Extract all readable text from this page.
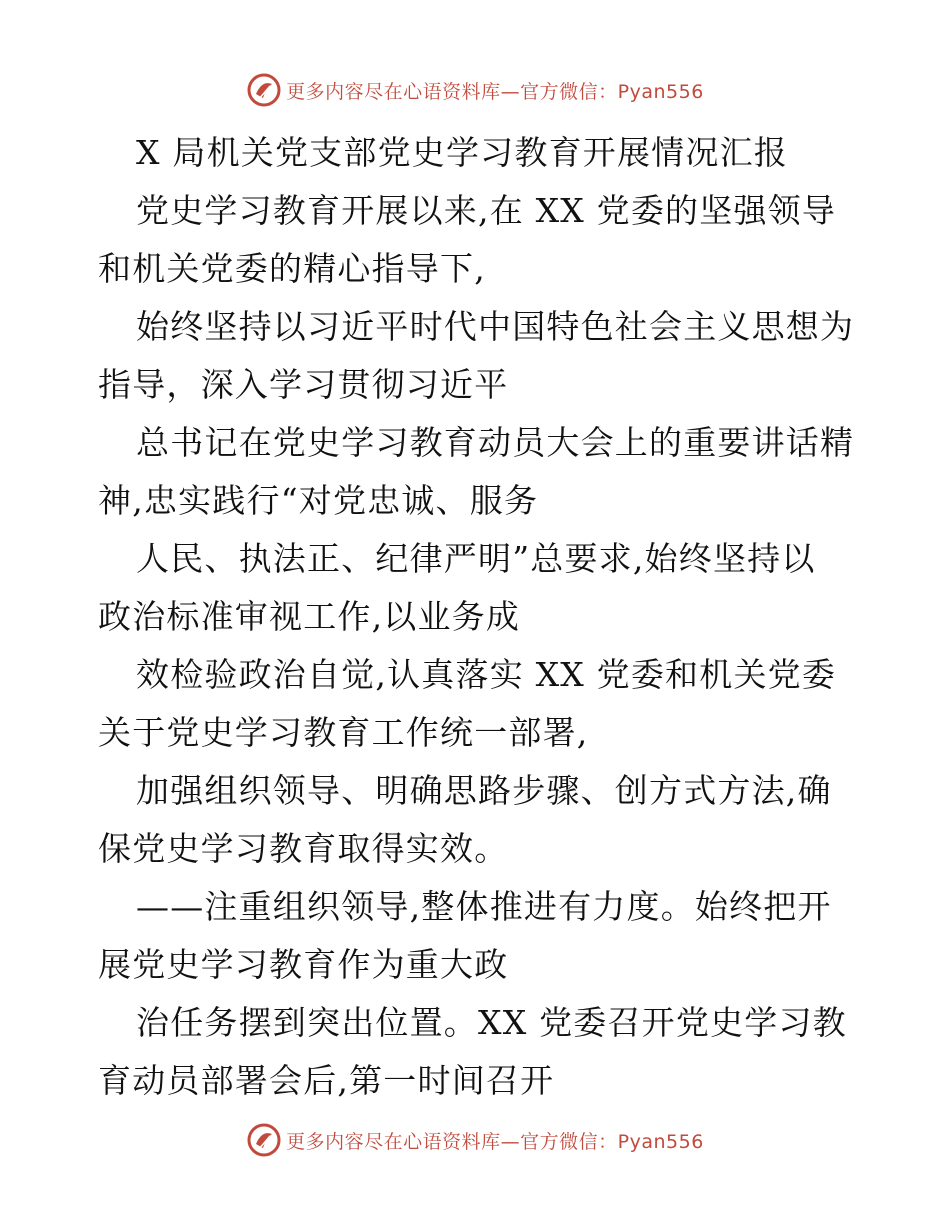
更多内容尽在心语资料库—官方微信：Pyan556
X 局机关党支部党史学习教育开展情况汇报
党史学习教育开展以来,在 XX 党委的坚强领导
和机关党委的精心指导下,
始终坚持以习近平时代中国特色社会主义思想为
指导，深入学习贯彻习近平
总书记在党史学习教育动员大会上的重要讲话精
神,忠实践行“对党忠诚、服务
人民、执法正、纪律严明”总要求,始终坚持以
政治标准审视工作,以业务成
效检验政治自觉,认真落实 XX 党委和机关党委
关于党史学习教育工作统一部署,
加强组织领导、明确思路步骤、创方式方法,确
保党史学习教育取得实效。
——注重组织领导,整体推进有力度。始终把开
展党史学习教育作为重大政
治任务摆到突出位置。XX 党委召开党史学习教
育动员部署会后,第一时间召开
更多内容尽在心语资料库—官方微信：Pyan556
